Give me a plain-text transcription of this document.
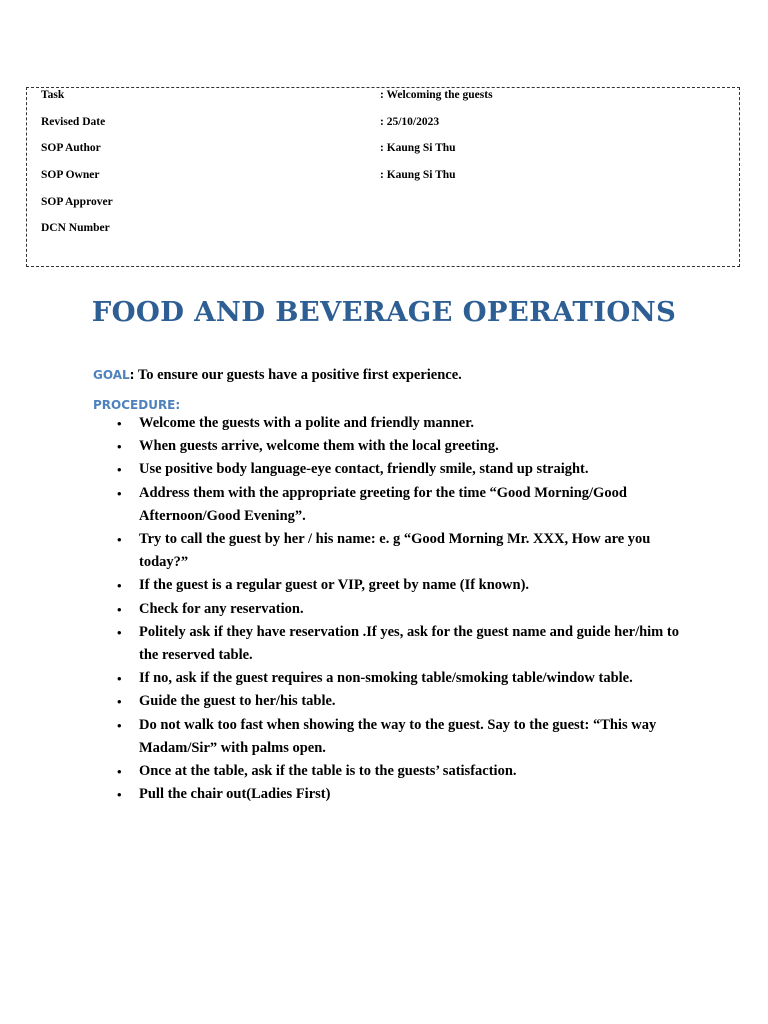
Task	: Welcoming the guests
Revised Date	: 25/10/2023
SOP Author	: Kaung Si Thu
SOP Owner	: Kaung Si Thu
SOP Approver
DCN Number
FOOD AND BEVERAGE OPERATIONS
GOAL: To ensure our guests have a positive first experience.
PROCEDURE:
• Welcome the guests with a polite and friendly manner.
• When guests arrive, welcome them with the local greeting.
• Use positive body language-eye contact, friendly smile, stand up straight.
• Address them with the appropriate greeting for the time “Good Morning/Good Afternoon/Good Evening”.
• Try to call the guest by her / his name: e. g “Good Morning Mr. XXX, How are you today?”
• If the guest is a regular guest or VIP, greet by name (If known).
• Check for any reservation.
• Politely ask if they have reservation .If yes, ask for the guest name and guide her/him to the reserved table.
• If no, ask if the guest requires a non-smoking table/smoking table/window table.
• Guide the guest to her/his table.
• Do not walk too fast when showing the way to the guest. Say to the guest: “This way Madam/Sir” with palms open.
• Once at the table, ask if the table is to the guests’ satisfaction.
• Pull the chair out(Ladies First)
